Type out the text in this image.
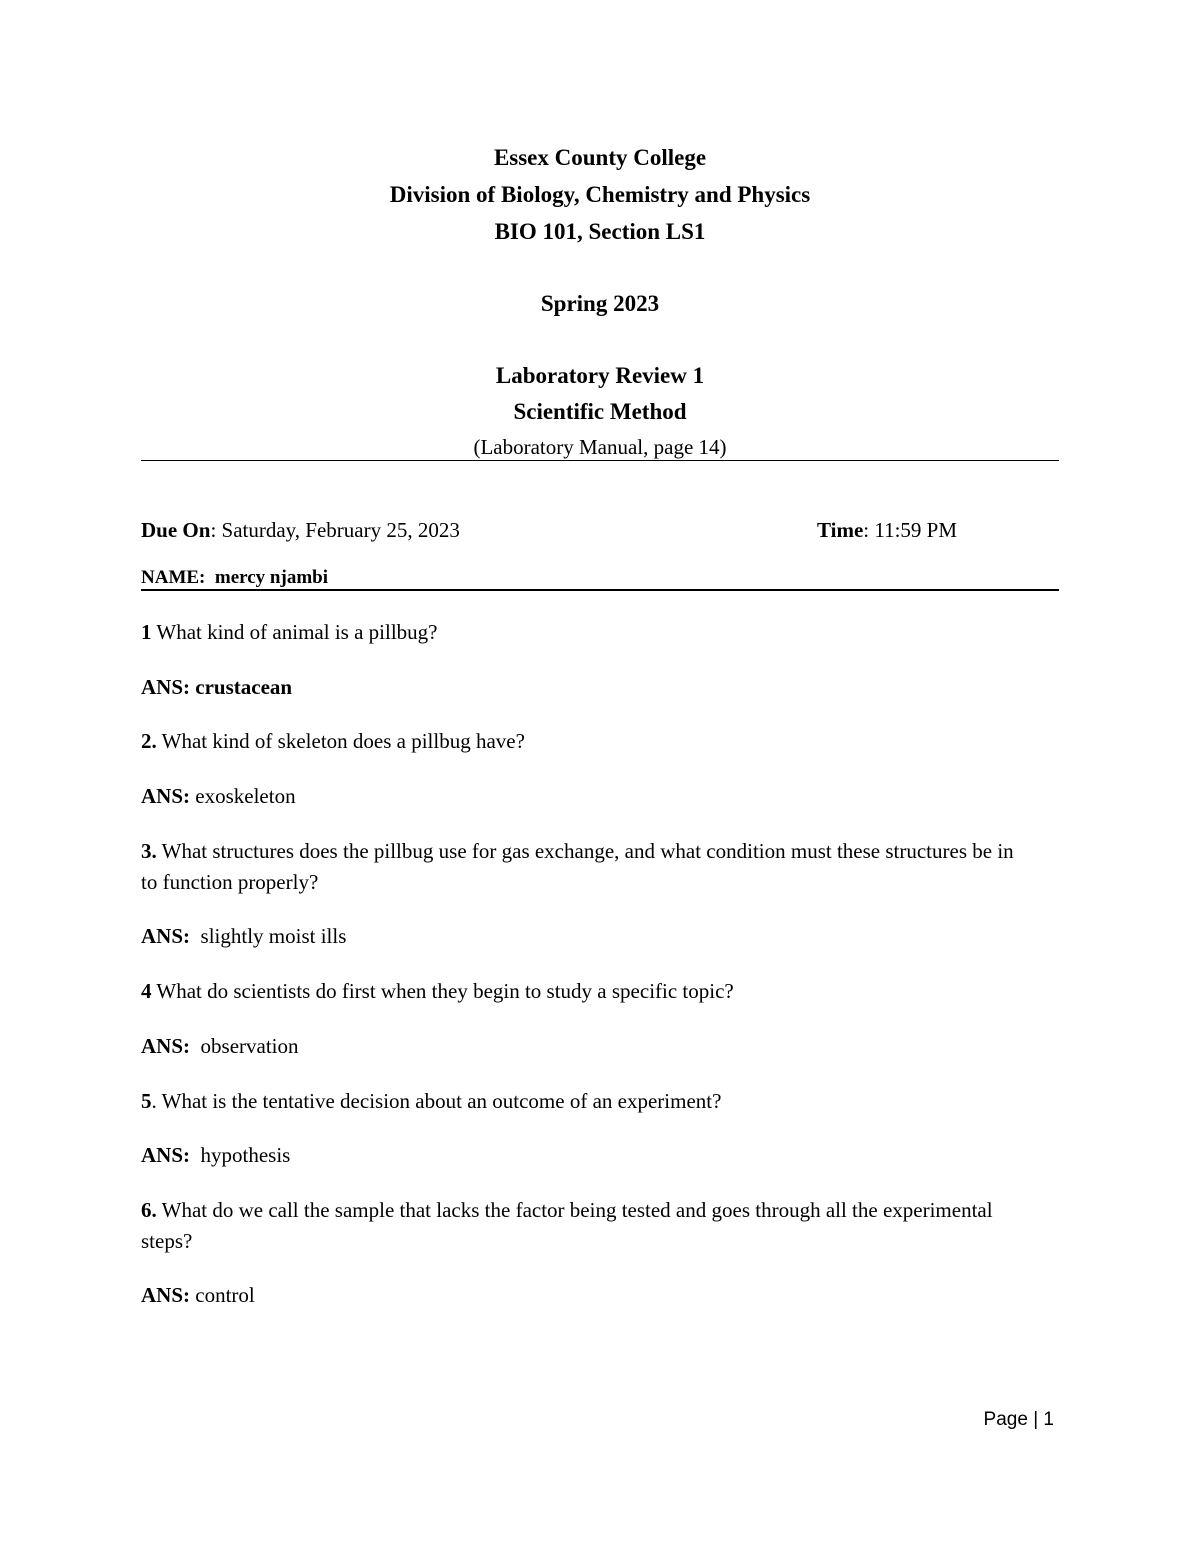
Essex County College
Division of Biology, Chemistry and Physics
BIO 101, Section LS1
Spring 2023
Laboratory Review 1
Scientific Method
(Laboratory Manual, page 14)
Due On: Saturday, February 25, 2023	Time: 11:59 PM
NAME: mercy njambi
1 What kind of animal is a pillbug?
ANS: crustacean
2. What kind of skeleton does a pillbug have?
ANS: exoskeleton
3. What structures does the pillbug use for gas exchange, and what condition must these structures be in to function properly?
ANS: slightly moist ills
4 What do scientists do first when they begin to study a specific topic?
ANS: observation
5. What is the tentative decision about an outcome of an experiment?
ANS: hypothesis
6. What do we call the sample that lacks the factor being tested and goes through all the experimental steps?
ANS: control
Page | 1
